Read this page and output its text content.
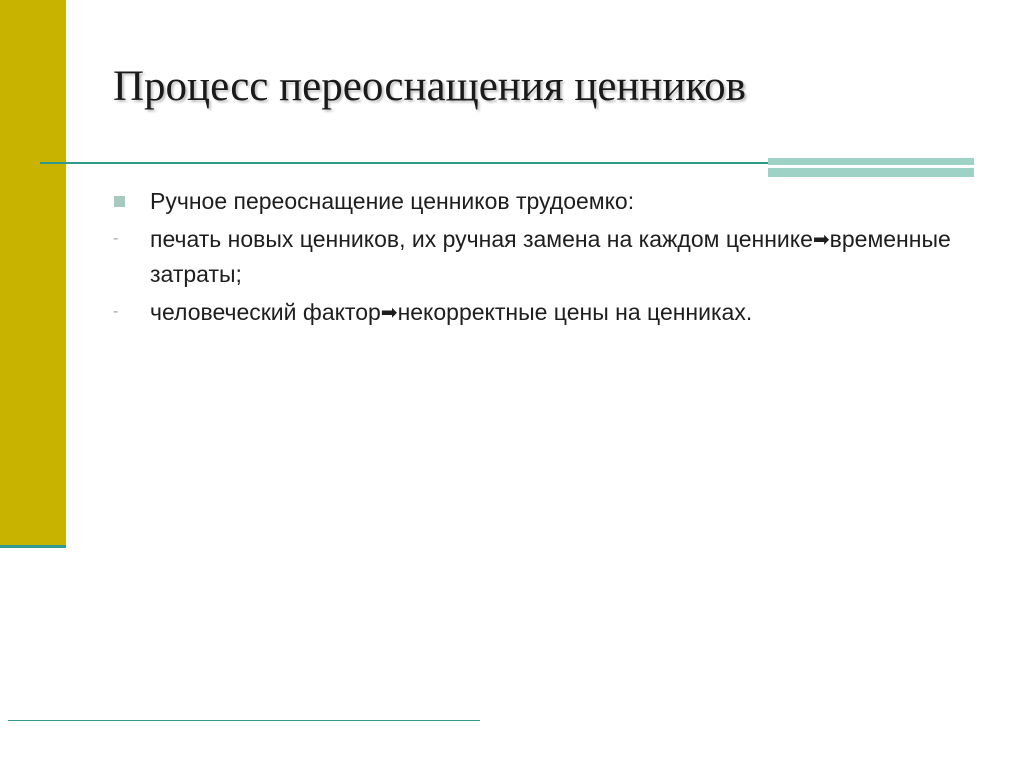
Процесс переоснащения ценников
Ручное переоснащение ценников трудоемко:
- печать новых ценников, их ручная замена на каждом ценнике➡временные затраты;
- человеческий фактор➡некорректные цены на ценниках.
